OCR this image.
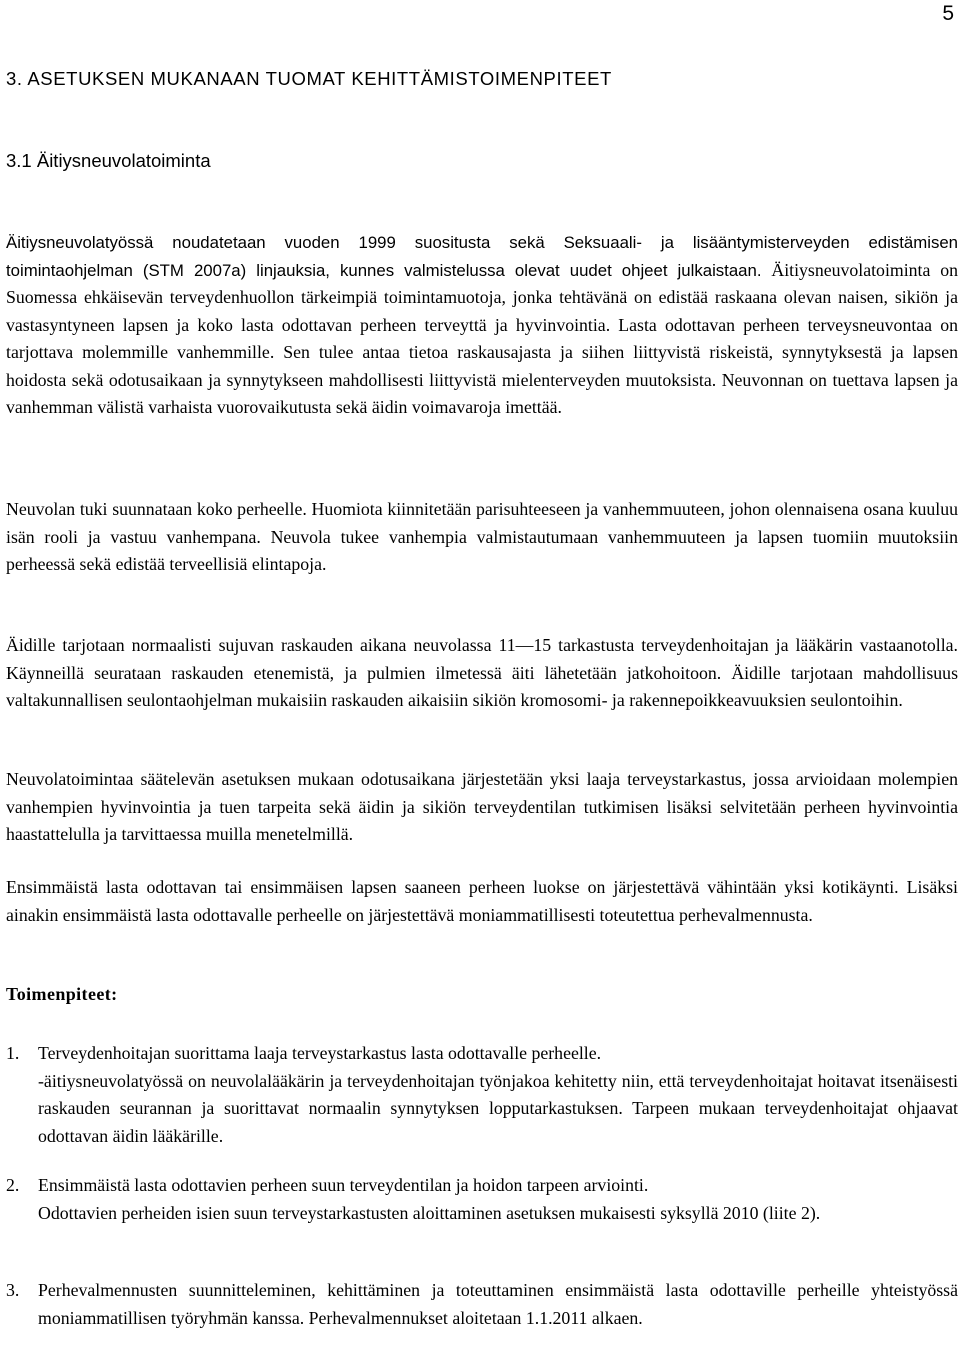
5
3. ASETUKSEN MUKANAAN TUOMAT KEHITTÄMISTOIMENPITEET
3.1 Äitiysneuvolatoiminta

Äitiysneuvolatyössä noudatetaan vuoden 1999 suositusta sekä Seksuaali- ja lisääntymisterveyden edistämisen toimintaohjelman (STM 2007a) linjauksia, kunnes valmistelussa olevat uudet ohjeet julkaistaan. Äitiysneuvolatoiminta on Suomessa ehkäisevän terveydenhuollon tärkeimpiä toimintamuotoja, jonka tehtävänä on edistää raskaana olevan naisen, sikiön ja vastasyntyneen lapsen ja koko lasta odottavan perheen terveyttä ja hyvinvointia. Lasta odottavan perheen terveysneuvontaa on tarjottava molemmille vanhemmille. Sen tulee antaa tietoa raskausajasta ja siihen liittyvistä riskeistä, synnytyksestä ja lapsen hoidosta sekä odotusaikaan ja synnytykseen mahdollisesti liittyvistä mielenterveyden muutoksista. Neuvonnan on tuettava lapsen ja vanhemman välistä varhaista vuorovaikutusta sekä äidin voimavaroja imettää.

Neuvolan tuki suunnataan koko perheelle. Huomiota kiinnitetään parisuhteeseen ja vanhemmuuteen, johon olennaisena osana kuuluu isän rooli ja vastuu vanhempana. Neuvola tukee vanhempia valmistautumaan vanhemmuuteen ja lapsen tuomiin muutoksiin perheessä sekä edistää terveellisiä elintapoja.

Äidille tarjotaan normaalisti sujuvan raskauden aikana neuvolassa 11—15 tarkastusta terveydenhoitajan ja lääkärin vastaanotolla. Käynneillä seurataan raskauden etenemistä, ja pulmien ilmetessä äiti lähetetään jatkohoitoon. Äidille tarjotaan mahdollisuus valtakunnallisen seulontaohjelman mukaisiin raskauden aikaisiin sikiön kromosomi- ja rakennepoikkeavuuksien seulontoihin.

Neuvolatoimintaa säätelevän asetuksen mukaan odotusaikana järjestetään yksi laaja terveystarkastus, jossa arvioidaan molempien vanhempien hyvinvointia ja tuen tarpeita sekä äidin ja sikiön terveydentilan tutkimisen lisäksi selvitetään perheen hyvinvointia haastattelulla ja tarvittaessa muilla menetelmillä.

Ensimmäistä lasta odottavan tai ensimmäisen lapsen saaneen perheen luokse on järjestettävä vähintään yksi kotikäynti. Lisäksi ainakin ensimmäistä lasta odottavalle perheelle on järjestettävä moniammatillisesti toteutettua perhevalmennusta.

Toimenpiteet:
1. Terveydenhoitajan suorittama laaja terveystarkastus lasta odottavalle perheelle.
-äitiysneuvolatyössä on neuvolalääkärin ja terveydenhoitajan työnjakoa kehitetty niin, että terveydenhoitajat hoitavat itsenäisesti raskauden seurannan ja suorittavat normaalin synnytyksen lopputarkastuksen. Tarpeen mukaan terveydenhoitajat ohjaavat odottavan äidin lääkärille.
2. Ensimmäistä lasta odottavien perheen suun terveydentilan ja hoidon tarpeen arviointi.
Odottavien perheiden isien suun terveystarkastusten aloittaminen asetuksen mukaisesti syksyllä 2010 (liite 2).
3. Perhevalmennusten suunnitteleminen, kehittäminen ja toteuttaminen ensimmäistä lasta odottaville perheille yhteistyössä moniammatillisen työryhmän kanssa. Perhevalmennukset aloitetaan 1.1.2011 alkaen.
